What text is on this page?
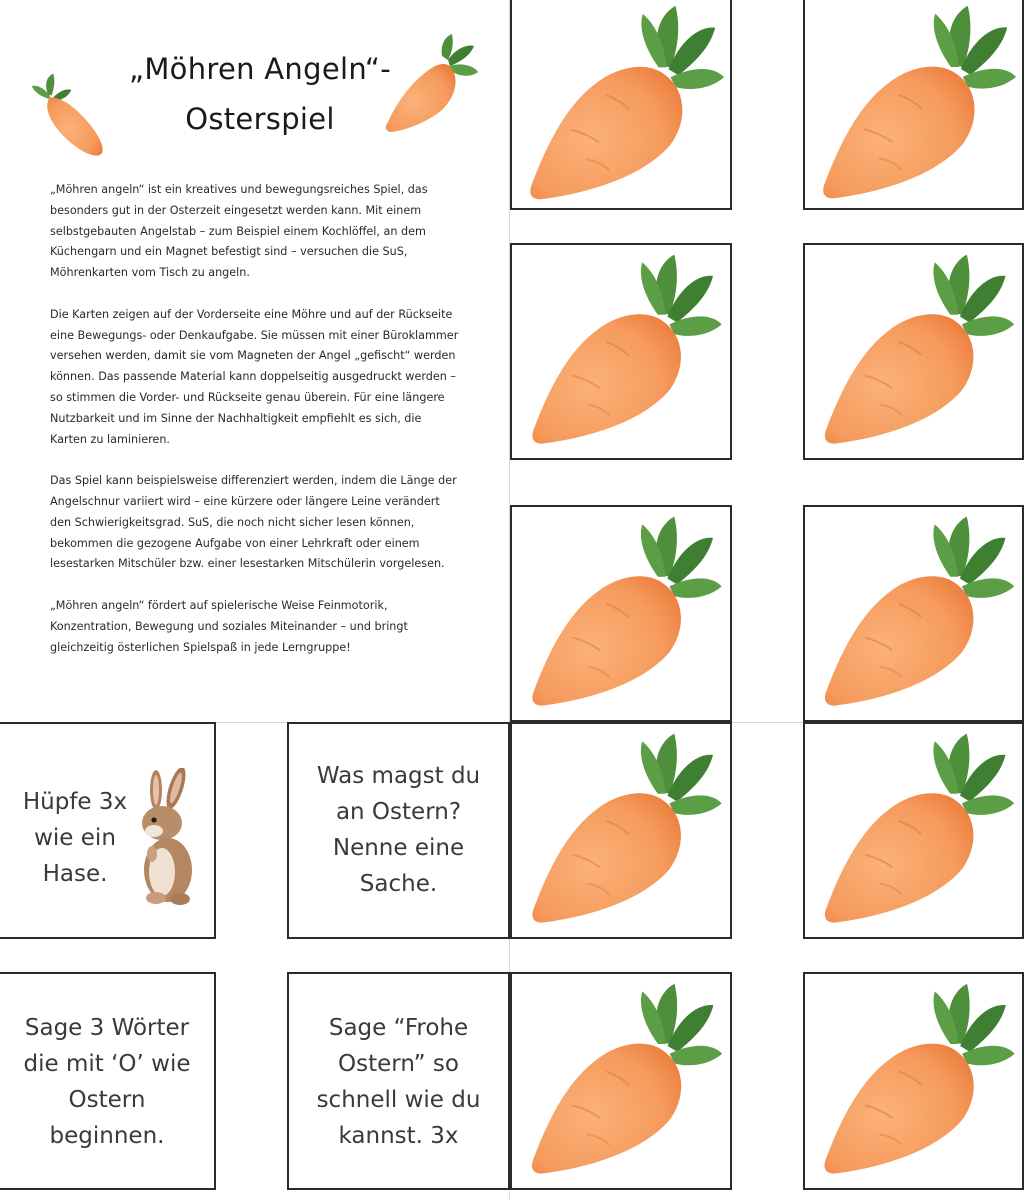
„Möhren Angeln“-
Osterspiel

„Möhren angeln“ ist ein kreatives und bewegungsreiches Spiel, das besonders gut in der Osterzeit eingesetzt werden kann. Mit einem selbstgebauten Angelstab – zum Beispiel einem Kochlöffel, an dem Küchengarn und ein Magnet befestigt sind – versuchen die SuS, Möhrenkarten vom Tisch zu angeln.

Die Karten zeigen auf der Vorderseite eine Möhre und auf der Rückseite eine Bewegungs- oder Denkaufgabe. Sie müssen mit einer Büroklammer versehen werden, damit sie vom Magneten der Angel „gefischt“ werden können. Das passende Material kann doppelseitig ausgedruckt werden – so stimmen die Vorder- und Rückseite genau überein. Für eine längere Nutzbarkeit und im Sinne der Nachhaltigkeit empfiehlt es sich, die Karten zu laminieren.

Das Spiel kann beispielsweise differenziert werden, indem die Länge der Angelschnur variiert wird – eine kürzere oder längere Leine verändert den Schwierigkeitsgrad. SuS, die noch nicht sicher lesen können, bekommen die gezogene Aufgabe von einer Lehrkraft oder einem lesestarken Mitschüler bzw. einer lesestarken Mitschülerin vorgelesen.

„Möhren angeln“ fördert auf spielerische Weise Feinmotorik, Konzentration, Bewegung und soziales Miteinander – und bringt gleichzeitig österlichen Spielspaß in jede Lerngruppe!

Hüpfe 3x
wie ein
Hase.
Was magst du
an Ostern?
Nenne eine
Sache.
Sage 3 Wörter
die mit ‘O’ wie
Ostern
beginnen.
Sage “Frohe
Ostern” so
schnell wie du
kannst. 3x
